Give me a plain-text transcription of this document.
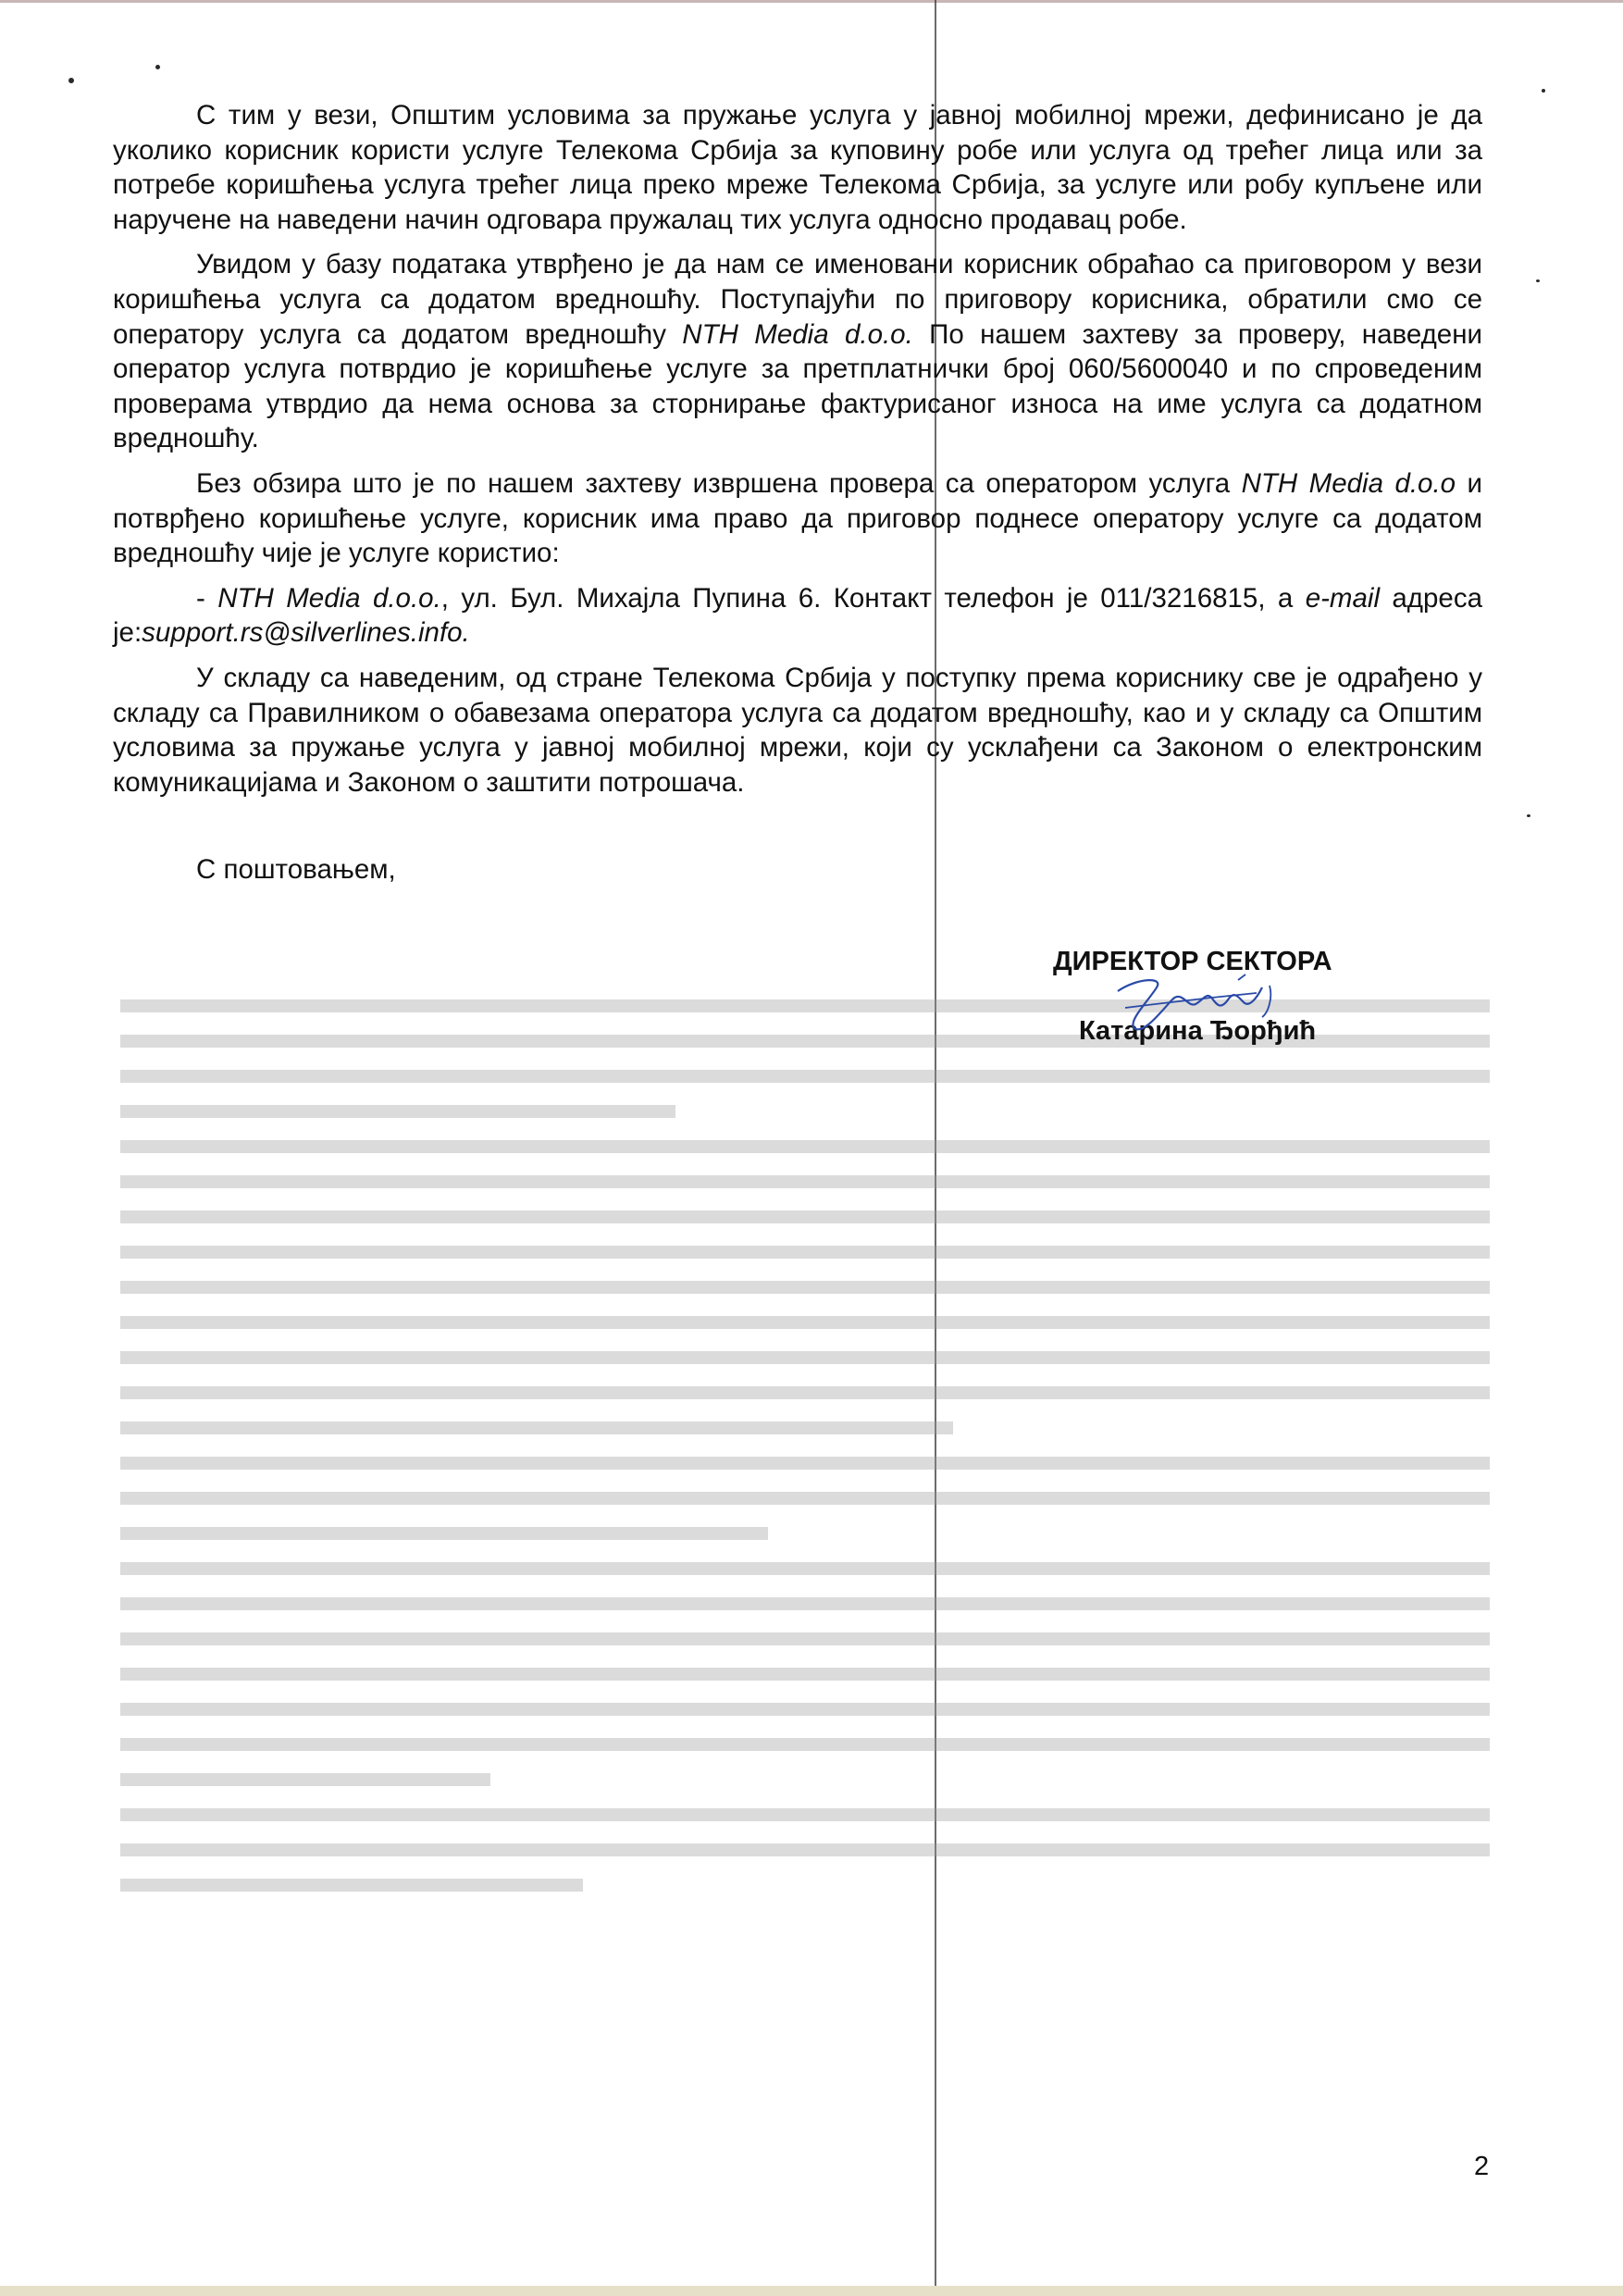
С тим у вези, Општим условима за пружање услуга у јавној мобилној мрежи, дефинисано је да уколико корисник користи услуге Телекома Србија за куповину робе или услуга од трећег лица или за потребе коришћења услуга трећег лица преко мреже Телекома Србија, за услуге или робу купљене или наручене на наведени начин одговара пружалац тих услуга односно продавац робе.

Увидом у базу података утврђено је да нам се именовани корисник обраћао са приговором у вези коришћења услуга са додатом вредношћу. Поступајући по приговору корисника, обратили смо се оператору услуга са додатом вредношћу NTH Media d.o.o. По нашем захтеву за проверу, наведени оператор услуга потврдио је коришћење услуге за претплатнички број 060/5600040 и по спроведеним проверама утврдио да нема основа за сторнирање фактурисаног износа на име услуга са додатном вредношћу.

Без обзира што је по нашем захтеву извршена провера са оператором услуга NTH Media d.o.o и потврђено коришћење услуге, корисник има право да приговор поднесе оператору услуге са додатом вредношћу чије је услуге користио:

- NTH Media d.o.o., ул. Бул. Михајла Пупина 6. Контакт телефон је 011/3216815, а e-mail адреса је:support.rs@silverlines.info.

У складу са наведеним, од стране Телекома Србија у поступку према кориснику све је одрађено у складу са Правилником о обавезама оператора услуга са додатом вредношћу, као и у складу са Општим условима за пружање услуга у јавној мобилној мрежи, који су усклађени са Законом о електронским комуникацијама и Законом о заштити потрошача.

С поштовањем,
ДИРЕКТОР СЕКТОРА
Катарина Ђорђић
2
